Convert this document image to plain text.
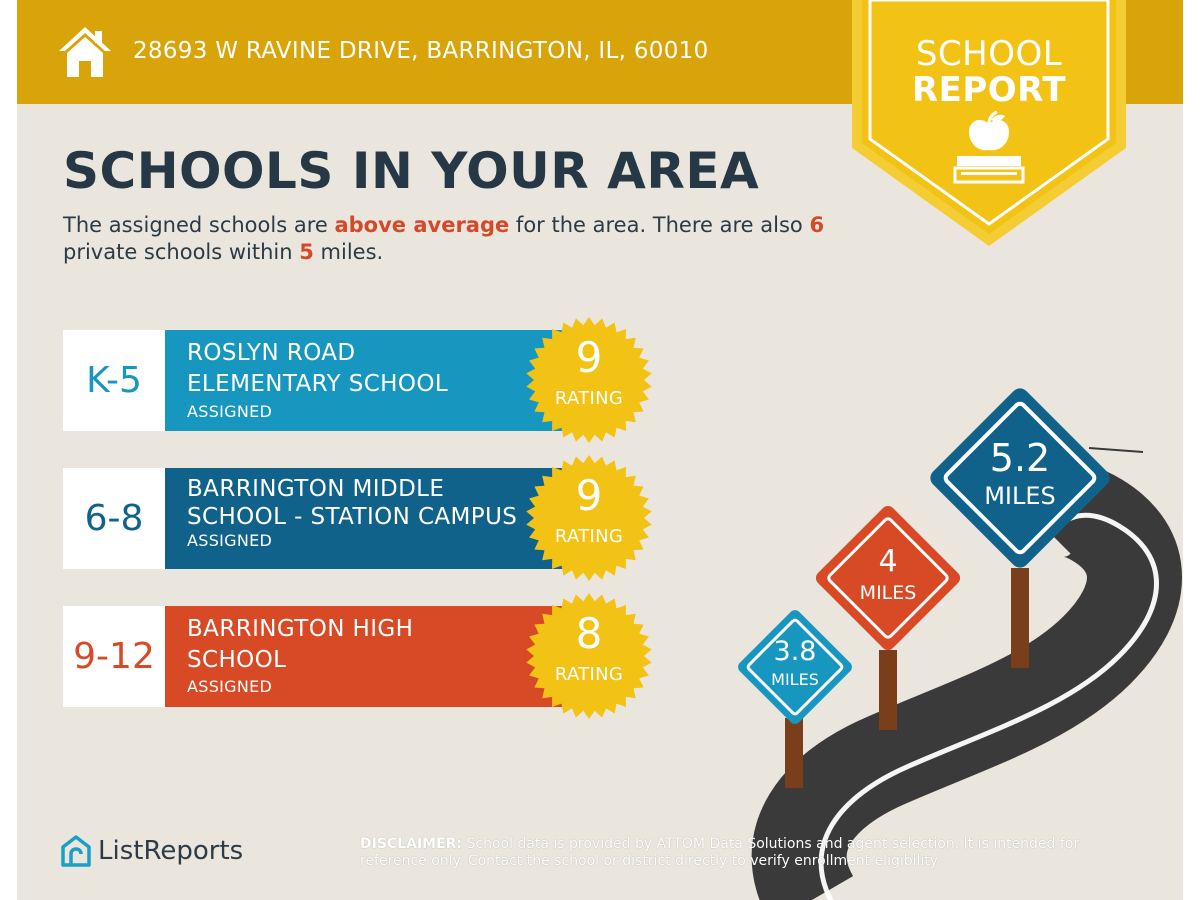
28693 W RAVINE DRIVE, BARRINGTON, IL, 60010	SCHOOL
REPORT
SCHOOLS IN YOUR AREA
The assigned schools are above average for the area. There are also 6 private schools within 5 miles.
K-5
ROSLYN ROAD
ELEMENTARY SCHOOL
ASSIGNED
9
RATING
6-8
BARRINGTON MIDDLE
SCHOOL - STATION CAMPUS
ASSIGNED
9
RATING
9-12
BARRINGTON HIGH
SCHOOL
ASSIGNED
8
RATING
3.8
MILES
4
MILES
5.2
MILES
ListReports	DISCLAIMER: School data is provided by ATTOM Data Solutions and agent selection. It is intended for reference only. Contact the school or district directly to verify enrollment eligibility.
